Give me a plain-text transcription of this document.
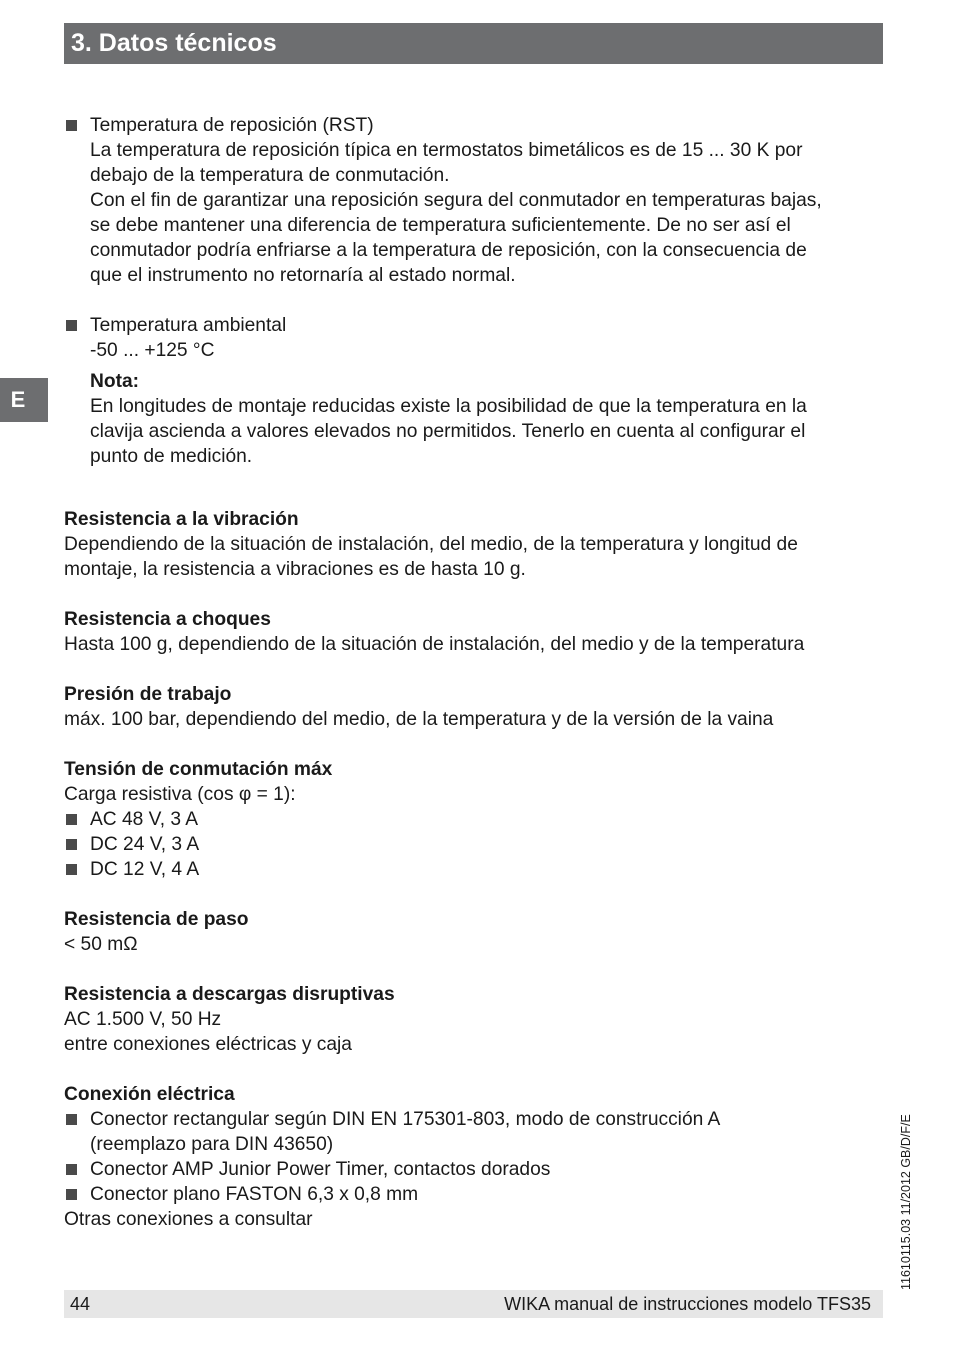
3. Datos técnicos
E
Temperatura de reposición (RST)
La temperatura de reposición típica en termostatos bimetálicos es de 15 ... 30 K por
debajo de la temperatura de conmutación.
Con el fin de garantizar una reposición segura del conmutador en temperaturas bajas,
se debe mantener una diferencia de temperatura suficientemente. De no ser así el
conmutador podría enfriarse a la temperatura de reposición, con la consecuencia de
que el instrumento no retornaría al estado normal.
Temperatura ambiental
-50 ... +125 °C
Nota:
En longitudes de montaje reducidas existe la posibilidad de que la temperatura en la
clavija ascienda a valores elevados no permitidos. Tenerlo en cuenta al configurar el
punto de medición.
Resistencia a la vibración
Dependiendo de la situación de instalación, del medio, de la temperatura y longitud de
montaje, la resistencia a vibraciones es de hasta 10 g.
Resistencia a choques
Hasta 100 g, dependiendo de la situación de instalación, del medio y de la temperatura
Presión de trabajo
máx. 100 bar, dependiendo del medio, de la temperatura y de la versión de la vaina
Tensión de conmutación máx
Carga resistiva (cos φ = 1):
AC 48 V, 3 A
DC 24 V, 3 A
DC 12 V, 4 A
Resistencia de paso
< 50 mΩ
Resistencia a descargas disruptivas
AC 1.500 V, 50 Hz
entre conexiones eléctricas y caja
Conexión eléctrica
Conector rectangular según DIN EN 175301-803, modo de construcción A
(reemplazo para DIN 43650)
Conector AMP Junior Power Timer, contactos dorados
Conector plano FASTON 6,3 x 0,8 mm
Otras conexiones a consultar	11610115.03 11/2012 GB/D/F/E
44	WIKA manual de instrucciones modelo TFS35
